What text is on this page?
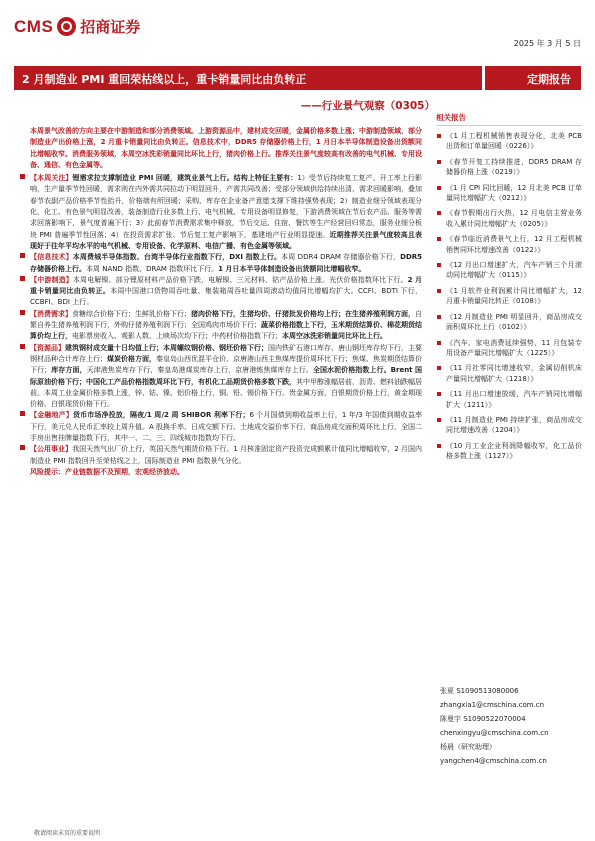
CMS 招商证券
2025 年 3 月 5 日
2 月制造业 PMI 重回荣枯线以上，重卡销量同比由负转正	定期报告
——行业景气观察（0305）

本周景气改善的方向主要在中游制造和部分消费领域。上游资源品中，建材成交回暖，金属价格多数上涨；中游制造领域，部分制造业产出价格上涨，2 月重卡销量同比由负转正。信息技术中，DDR5 存储器价格上行，1 月日本半导体制造设备出货额同比增幅收窄。消费服务领域，本周空冰洗彩销量同比环比上行，猪肉价格上行。推荐关注景气度较高有改善的电气机械、专用设备、通信、有色金属等。

【本周关注】锂需求拉支撑制造业 PMI 回暖，建筑业景气上行。结构上特征主要有：1）受节后持续复工复产、开工率上行影响，生产量季节性回暖，需求则在内外需共同拉动下明显回升，产需共同改善；受部分领域供给持续出清、需求回暖影响，叠加春节农副产品价格季节性抬升，价格端有所回暖；采购、库存在企业备产意愿支撑下维持强势表现；2）制造业细分领域表现分化，化工、有色景气明显改善，装备制造行业多数上行，电气机械、专用设备明显修复，下游消费领域在节后农产品、服务等需求回落影响下，景气度普遍下行；3）此前春节消费需求集中释放，节后交运、住宿、餐饮等生产经营回归常态，服务业细分板块 PMI 普遍季节性回落；4）在投资需求扩张、节后复工复产影响下，基建地产行业明显提速。近期推荐关注景气度较高且表现好于往年平均水平的电气机械、专用设备、化学原料、电信广播、有色金属等领域。

【信息技术】本周费城半导体指数、台湾半导体行业指数下行，DXI 指数上行。本周 DDR4 DRAM 存储器价格下行，DDR5 存储器价格上行。本周 NAND 指数、DRAM 指数环比下行。1 月日本半导体制造设备出货额同比增幅收窄。

【中游制造】本周电解镍、部分锂原材料产品价格下跌，电解镍、三元材料、钴产品价格上涨。光伏价格指数环比下行。2 月重卡销量同比由负转正。本周中国港口货物周吞吐量、集装箱周吞吐量四周滚动均值同比增幅均扩大。CCFI、BDTI 下行，CCBFI、BDI 上行。

【消费需求】食糖综合价格下行；生鲜乳价格下行；猪肉价格下行，生猪均价、仔猪批发价格均上行；在生猪养殖利润方面，自繁自养生猪养殖利润下行，外购仔猪养殖利润下行；全国鸡肉市场价下行；蔬菜价格指数上下行，玉米期货结算价、棉花期货结算价均上行，电影票房收入、观影人数、上映场次均下行；中药材价格指数下行；本周空冰洗彩销量同比环比上行。

【资源品】建筑钢材成交量十日均值上行；本周螺纹钢价格、钢坯价格下行；国内铁矿石港口库存、唐山钢坯库存均下行，主要钢材品种合计库存上行；煤炭价格方面，秦皇岛山西优混平仓价、京唐港山西主焦煤库提价周环比下行；焦煤、焦炭期货结算价下行；库存方面，天津港焦炭库存下行，秦皇岛港煤炭库存上行，京唐港炼焦煤库存上行。全国水泥价格指数上行。Brent 国际原油价格下行；中国化工产品价格指数周环比下行，有机化工品期货价格多数下跌，其中甲醇涨幅居前，沥青、燃料油跌幅居前。本周工业金属价格多数上涨，锌、钴、镍、铝价格上行，铜、铅、锡价格下行。贵金属方面，白银期货价格上行，黄金期现价格、白银现货价格下行。

【金融地产】货币市场净投放，隔夜/1 周/2 周 SHIBOR 利率下行；6 个月国债到期收益率上行，1 年/3 年国债到期收益率下行，美元兑人民币汇率较上周升值。A 股换手率、日成交额下行。土地成交溢价率下行，商品房成交面积周环比上行，全国二手房出售挂牌量指数下行，其中一、二、三、四线城市指数均下行。

【公用事业】我国天然气出厂价上行，英国天然气期货价格下行。1 月核准固定资产投资完成额累计值同比增幅收窄，2 月国内制造业 PMI 指数回升至荣枯线之上，国际制造业 PMI 指数景气分化。

风险提示：产业链数据不及预期，宏观经济波动。

相关报告
《1 月工程机械销售表现分化，北美 PCB 出货和订单量回暖（0226）》
《春节开复工持续推进，DDR5 DRAM 存储器价格上涨（0219）》
《1 月 CPI 同比回暖，12 月北美 PCB 订单量同比增幅扩大（0212）》
《春节假期出行火热，12 月电信主营业务收入累计同比增幅扩大（0205）》
《春节临近消费景气上行，12 月工程机械销售同环比增速改善（0122）》
《12 月出口增速扩大，汽车产销三个月滚动同比增幅扩大（0115）》
《1 月软件业利润累计同比增幅扩大，12 月重卡销量同比转正（0108）》
《12 月制造业 PMI 明显回升，商品房成交面积周环比上行（0102）》
《汽车、家电消费延续强势，11 月包装专用设备产量同比增幅扩大（1225）》
《11 月社零同比增速收窄，金属切削机床产量同比增幅扩大（1218）》
《11 月出口增速放缓，汽车产销同比增幅扩大（1211）》
《11 月制造业 PMI 持续扩张，商品房成交同比增速改善（1204）》
《10 月工业企业利润降幅收窄，化工品价格多数上涨（1127）》
张夏 S1090513080006
zhangxia1@cmschina.com.cn
陈曼宇 S1090522070004
chenxingyu@cmschina.com.cn
杨晨（研究助理）
yangchen4@cmschina.com.cn
敬请阅读末页的重要说明
